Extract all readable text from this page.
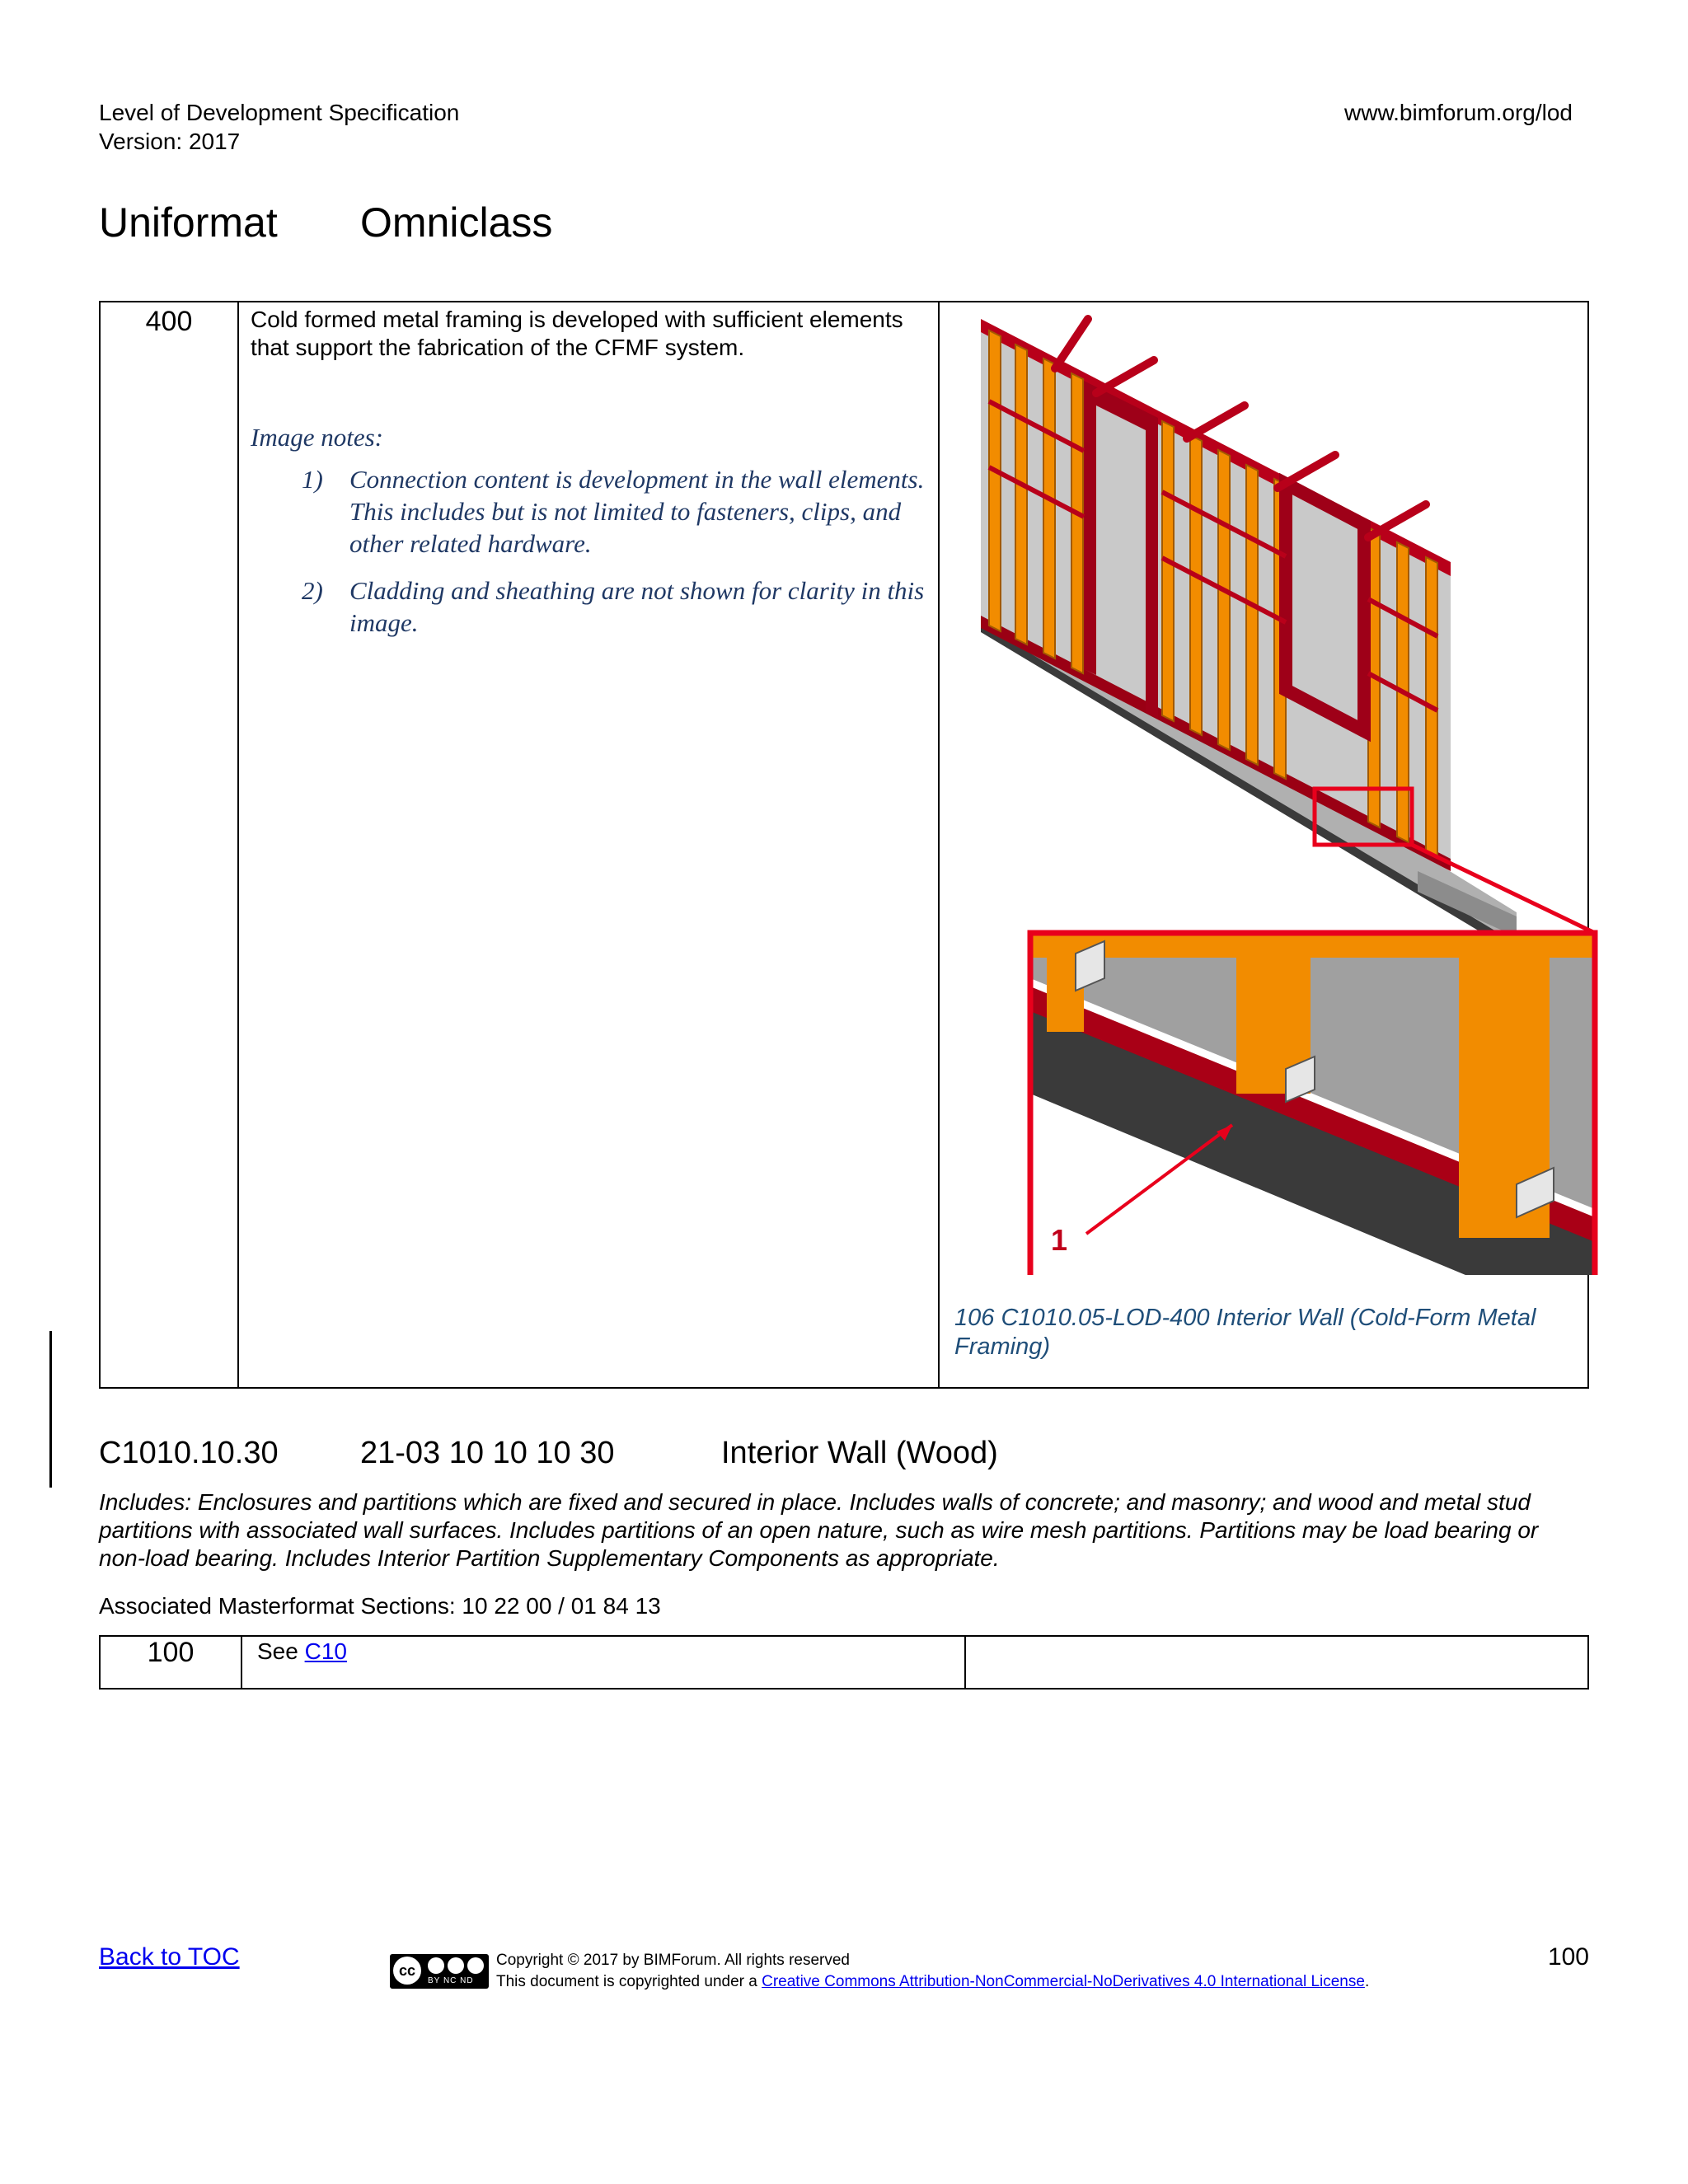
Level of Development Specification
Version: 2017
www.bimforum.org/lod
Uniformat Omniclass
400	Cold formed metal framing is developed with sufficient elements that support the fabrication of the CFMF system.
Image notes:
1) Connection content is development in the wall elements. This includes but is not limited to fasteners, clips, and other related hardware.
2) Cladding and sheathing are not shown for clarity in this image.

1
106 C1010.05-LOD-400 Interior Wall (Cold-Form Metal Framing)
C1010.10.30	21-03 10 10 10 30	Interior Wall (Wood)
Includes: Enclosures and partitions which are fixed and secured in place. Includes walls of concrete; and masonry; and wood and metal stud partitions with associated wall surfaces. Includes partitions of an open nature, such as wire mesh partitions. Partitions may be load bearing or non-load bearing. Includes Interior Partition Supplementary Components as appropriate.
Associated Masterformat Sections: 10 22 00 / 01 84 13
100	See C10	
Back to TOC	cc
BY NC ND
Copyright © 2017 by BIMForum. All rights reserved
This document is copyrighted under a Creative Commons Attribution-NonCommercial-NoDerivatives 4.0 International License.
100
